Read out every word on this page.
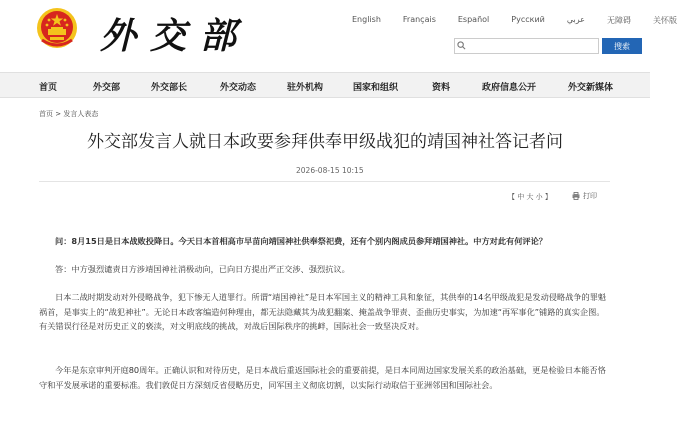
外交部	English	Français	Español	Русский	عربي	无障碍	关怀版
搜索
首页	外交部	外交部长	外交动态	驻外机构	国家和组织	资料	政府信息公开	外交新媒体
首页 > 发言人表态
外交部发言人就日本政要参拜供奉甲级战犯的靖国神社答记者问
2026-08-15 10:15
【 中 大 小 】	打印

问：8月15日是日本战败投降日。今天日本首相高市早苗向靖国神社供奉祭祀费，还有个别内阁成员参拜靖国神社。中方对此有何评论？

答：中方强烈谴责日方涉靖国神社消极动向，已向日方提出严正交涉、强烈抗议。

日本二战时期发动对外侵略战争，犯下惨无人道罪行。所谓“靖国神社”是日本军国主义的精神工具和象征，其供奉的14名甲级战犯是发动侵略战争的罪魁祸首，是事实上的“战犯神社”。无论日本政客编造何种理由，都无法隐藏其为战犯翻案、掩盖战争罪责、歪曲历史事实，为加速“再军事化”铺路的真实企图。有关错误行径是对历史正义的亵渎，对文明底线的挑战，对战后国际秩序的挑衅，国际社会一致坚决反对。

今年是东京审判开庭80周年。正确认识和对待历史，是日本战后重返国际社会的重要前提，是日本同周边国家发展关系的政治基础，更是检验日本能否恪守和平发展承诺的重要标准。我们敦促日方深刻反省侵略历史，同军国主义彻底切割，以实际行动取信于亚洲邻国和国际社会。
